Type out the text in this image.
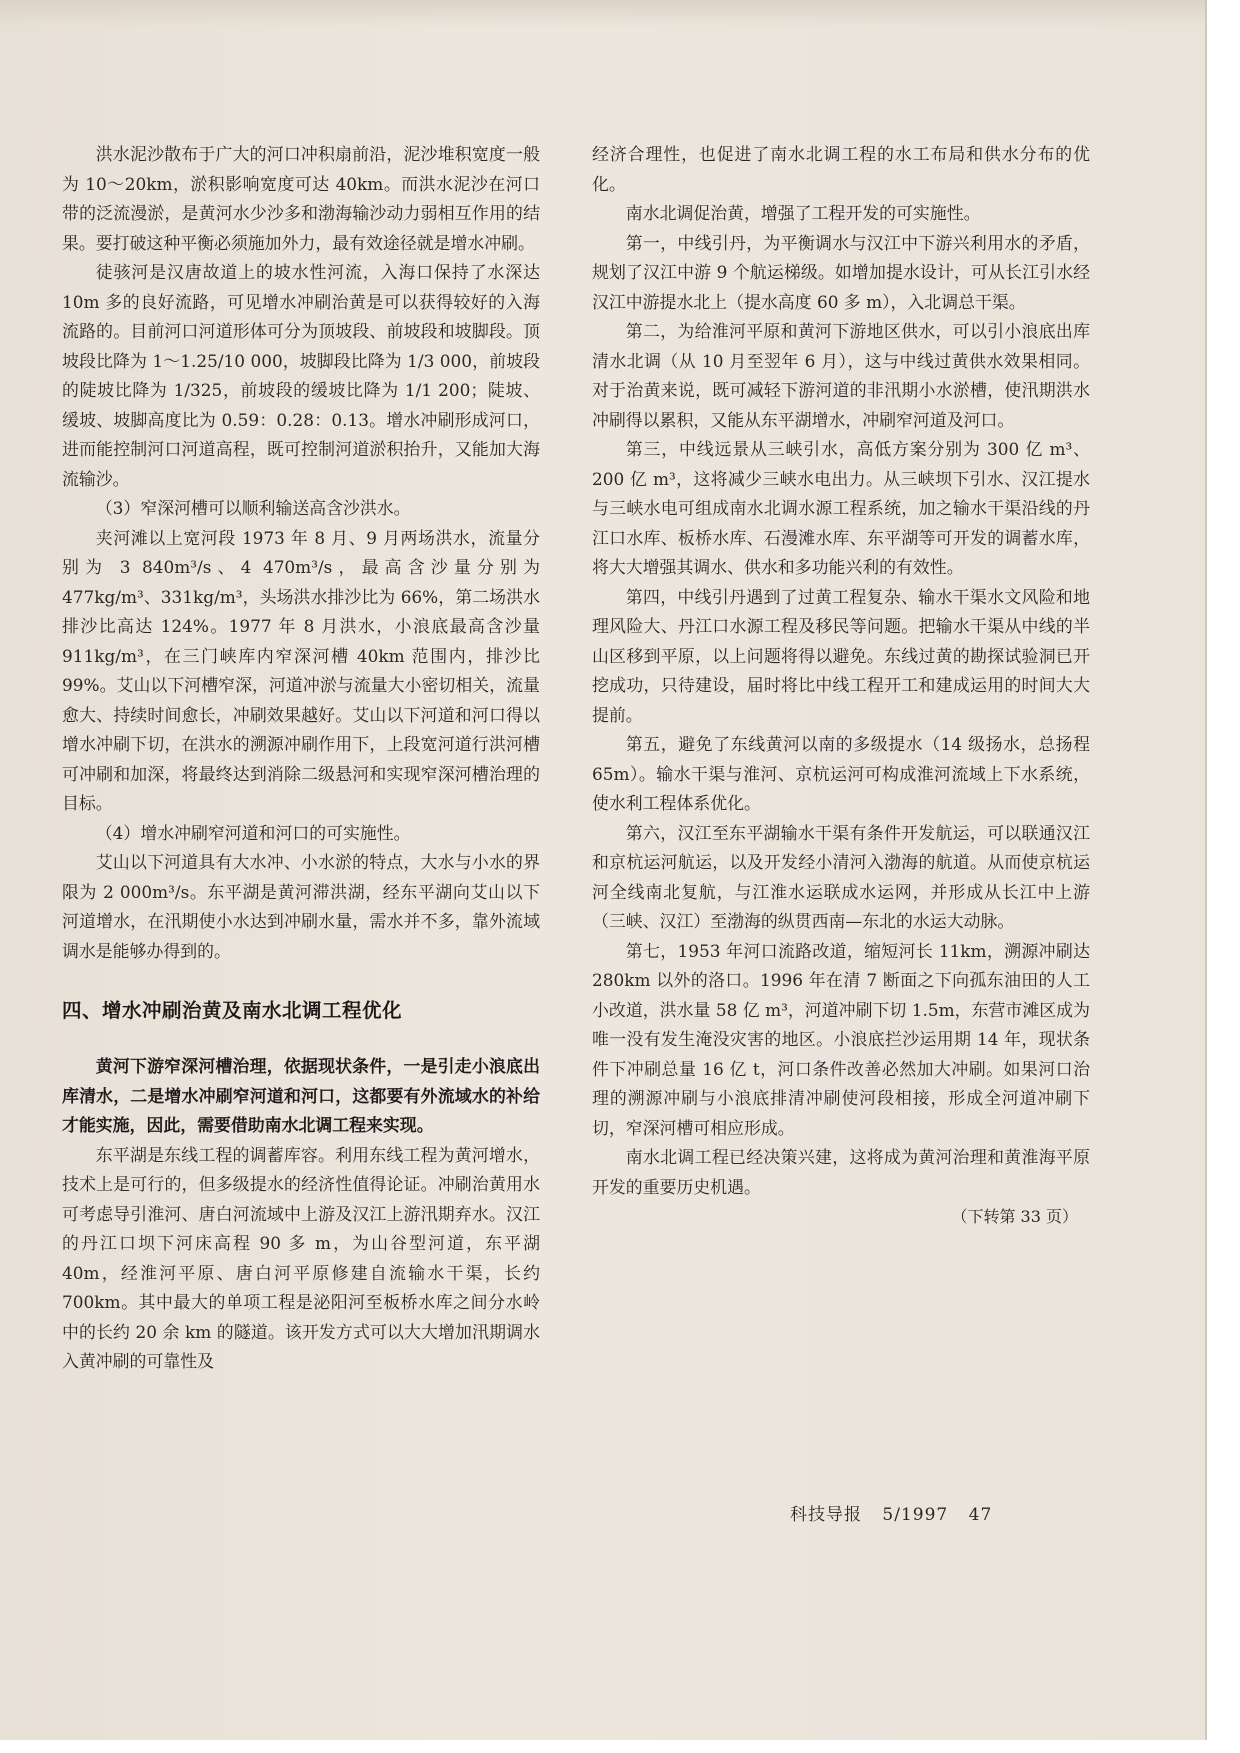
洪水泥沙散布于广大的河口冲积扇前沿，泥沙堆积宽度一般为 10～20km，淤积影响宽度可达 40km。而洪水泥沙在河口带的泛流漫淤，是黄河水少沙多和渤海输沙动力弱相互作用的结果。要打破这种平衡必须施加外力，最有效途径就是增水冲刷。

徒骇河是汉唐故道上的坡水性河流，入海口保持了水深达 10m 多的良好流路，可见增水冲刷治黄是可以获得较好的入海流路的。目前河口河道形体可分为顶坡段、前坡段和坡脚段。顶坡段比降为 1～1.25/10 000，坡脚段比降为 1/3 000，前坡段的陡坡比降为 1/325，前坡段的缓坡比降为 1/1 200；陡坡、缓坡、坡脚高度比为 0.59：0.28：0.13。增水冲刷形成河口，进而能控制河口河道高程，既可控制河道淤积抬升，又能加大海流输沙。

（3）窄深河槽可以顺利输送高含沙洪水。

夹河滩以上宽河段 1973 年 8 月、9 月两场洪水，流量分别为 3 840m³/s、4 470m³/s，最高含沙量分别为 477kg/m³、331kg/m³，头场洪水排沙比为 66%，第二场洪水排沙比高达 124%。1977 年 8 月洪水，小浪底最高含沙量 911kg/m³，在三门峡库内窄深河槽 40km 范围内，排沙比 99%。艾山以下河槽窄深，河道冲淤与流量大小密切相关，流量愈大、持续时间愈长，冲刷效果越好。艾山以下河道和河口得以增水冲刷下切，在洪水的溯源冲刷作用下，上段宽河道行洪河槽可冲刷和加深，将最终达到消除二级悬河和实现窄深河槽治理的目标。

（4）增水冲刷窄河道和河口的可实施性。

艾山以下河道具有大水冲、小水淤的特点，大水与小水的界限为 2 000m³/s。东平湖是黄河滞洪湖，经东平湖向艾山以下河道增水，在汛期使小水达到冲刷水量，需水并不多，靠外流域调水是能够办得到的。

四、增水冲刷治黄及南水北调工程优化

黄河下游窄深河槽治理，依据现状条件，一是引走小浪底出库清水，二是增水冲刷窄河道和河口，这都要有外流域水的补给才能实施，因此，需要借助南水北调工程来实现。

东平湖是东线工程的调蓄库容。利用东线工程为黄河增水，技术上是可行的，但多级提水的经济性值得论证。冲刷治黄用水可考虑导引淮河、唐白河流域中上游及汉江上游汛期弃水。汉江的丹江口坝下河床高程 90 多 m，为山谷型河道，东平湖 40m，经淮河平原、唐白河平原修建自流输水干渠，长约 700km。其中最大的单项工程是泌阳河至板桥水库之间分水岭中的长约 20 余 km 的隧道。该开发方式可以大大增加汛期调水入黄冲刷的可靠性及

经济合理性，也促进了南水北调工程的水工布局和供水分布的优化。

南水北调促治黄，增强了工程开发的可实施性。

第一，中线引丹，为平衡调水与汉江中下游兴利用水的矛盾，规划了汉江中游 9 个航运梯级。如增加提水设计，可从长江引水经汉江中游提水北上（提水高度 60 多 m），入北调总干渠。

第二，为给淮河平原和黄河下游地区供水，可以引小浪底出库清水北调（从 10 月至翌年 6 月），这与中线过黄供水效果相同。对于治黄来说，既可减轻下游河道的非汛期小水淤槽，使汛期洪水冲刷得以累积，又能从东平湖增水，冲刷窄河道及河口。

第三，中线远景从三峡引水，高低方案分别为 300 亿 m³、200 亿 m³，这将减少三峡水电出力。从三峡坝下引水、汉江提水与三峡水电可组成南水北调水源工程系统，加之输水干渠沿线的丹江口水库、板桥水库、石漫滩水库、东平湖等可开发的调蓄水库，将大大增强其调水、供水和多功能兴利的有效性。

第四，中线引丹遇到了过黄工程复杂、输水干渠水文风险和地理风险大、丹江口水源工程及移民等问题。把输水干渠从中线的半山区移到平原，以上问题将得以避免。东线过黄的勘探试验洞已开挖成功，只待建设，届时将比中线工程开工和建成运用的时间大大提前。

第五，避免了东线黄河以南的多级提水（14 级扬水，总扬程 65m）。输水干渠与淮河、京杭运河可构成淮河流域上下水系统，使水利工程体系优化。

第六，汉江至东平湖输水干渠有条件开发航运，可以联通汉江和京杭运河航运，以及开发经小清河入渤海的航道。从而使京杭运河全线南北复航，与江淮水运联成水运网，并形成从长江中上游（三峡、汉江）至渤海的纵贯西南—东北的水运大动脉。

第七，1953 年河口流路改道，缩短河长 11km，溯源冲刷达 280km 以外的洛口。1996 年在清 7 断面之下向孤东油田的人工小改道，洪水量 58 亿 m³，河道冲刷下切 1.5m，东营市滩区成为唯一没有发生淹没灾害的地区。小浪底拦沙运用期 14 年，现状条件下冲刷总量 16 亿 t，河口条件改善必然加大冲刷。如果河口治理的溯源冲刷与小浪底排清冲刷使河段相接，形成全河道冲刷下切，窄深河槽可相应形成。

南水北调工程已经决策兴建，这将成为黄河治理和黄淮海平原开发的重要历史机遇。

（下转第 33 页）

科技导报 5/1997 47
